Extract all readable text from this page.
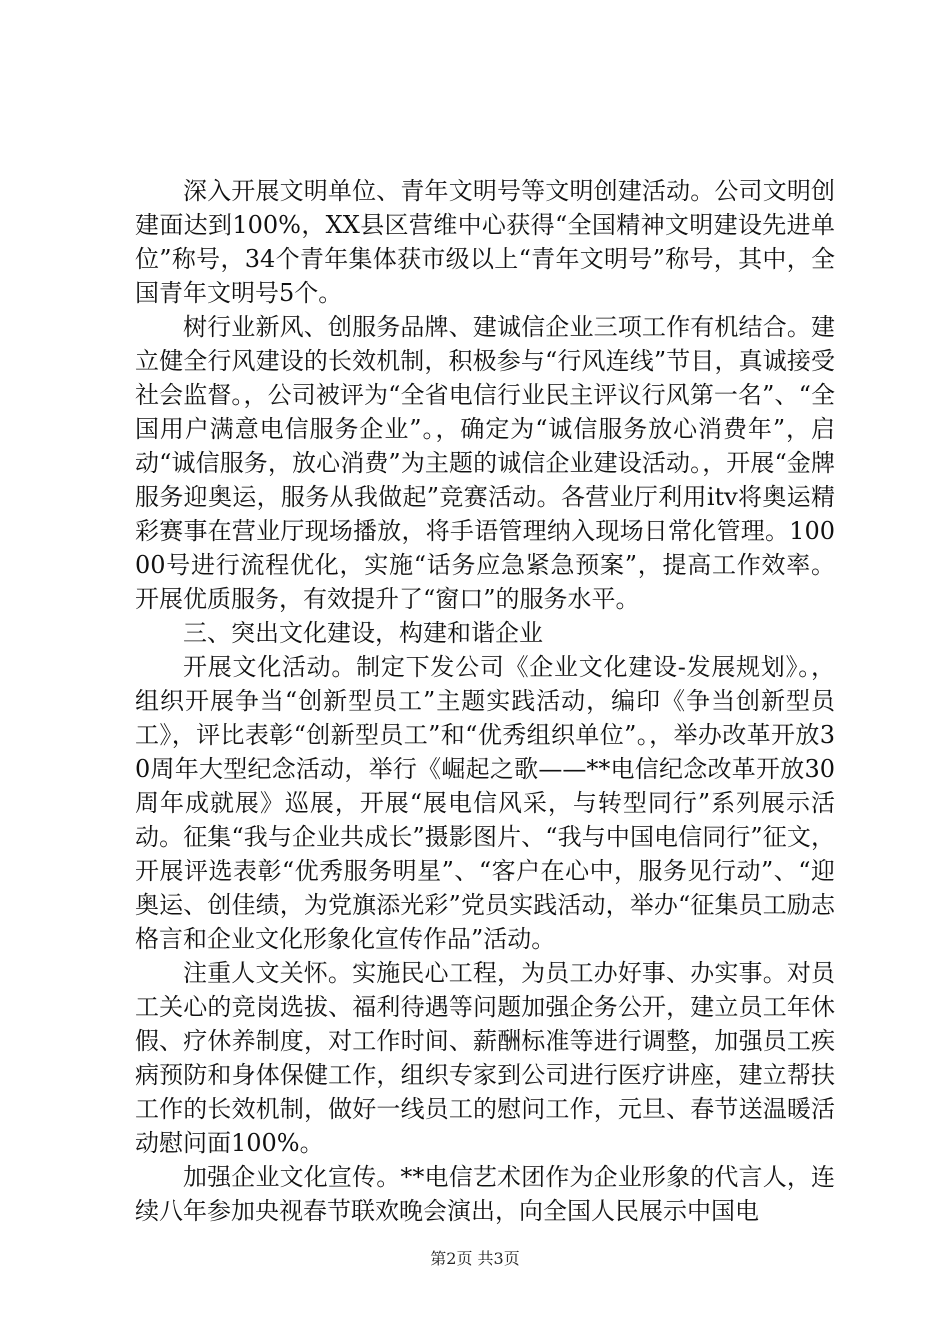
深入开展文明单位、青年文明号等文明创建活动。公司文明创建面达到100%，XX县区营维中心获得“全国精神文明建设先进单位”称号，34个青年集体获市级以上“青年文明号”称号，其中，全国青年文明号5个。

树行业新风、创服务品牌、建诚信企业三项工作有机结合。建立健全行风建设的长效机制，积极参与“行风连线”节目，真诚接受社会监督。，公司被评为“全省电信行业民主评议行风第一名”、“全国用户满意电信服务企业”。，确定为“诚信服务放心消费年”，启动“诚信服务，放心消费”为主题的诚信企业建设活动。，开展“金牌服务迎奥运，服务从我做起”竞赛活动。各营业厅利用itv将奥运精彩赛事在营业厅现场播放，将手语管理纳入现场日常化管理。10000号进行流程优化，实施“话务应急紧急预案”，提高工作效率。开展优质服务，有效提升了“窗口”的服务水平。

三、突出文化建设，构建和谐企业

开展文化活动。制定下发公司《企业文化建设-发展规划》。，组织开展争当“创新型员工”主题实践活动，编印《争当创新型员工》，评比表彰“创新型员工”和“优秀组织单位”。，举办改革开放30周年大型纪念活动，举行《崛起之歌——**电信纪念改革开放30周年成就展》巡展，开展“展电信风采，与转型同行”系列展示活动。征集“我与企业共成长”摄影图片、“我与中国电信同行”征文，开展评选表彰“优秀服务明星”、“客户在心中，服务见行动”、“迎奥运、创佳绩，为党旗添光彩”党员实践活动，举办“征集员工励志格言和企业文化形象化宣传作品”活动。

注重人文关怀。实施民心工程，为员工办好事、办实事。对员工关心的竞岗选拔、福利待遇等问题加强企务公开，建立员工年休假、疗休养制度，对工作时间、薪酬标准等进行调整，加强员工疾病预防和身体保健工作，组织专家到公司进行医疗讲座，建立帮扶工作的长效机制，做好一线员工的慰问工作，元旦、春节送温暖活动慰问面100%。

加强企业文化宣传。**电信艺术团作为企业形象的代言人，连续八年参加央视春节联欢晚会演出，向全国人民展示中国电

第2页 共3页
